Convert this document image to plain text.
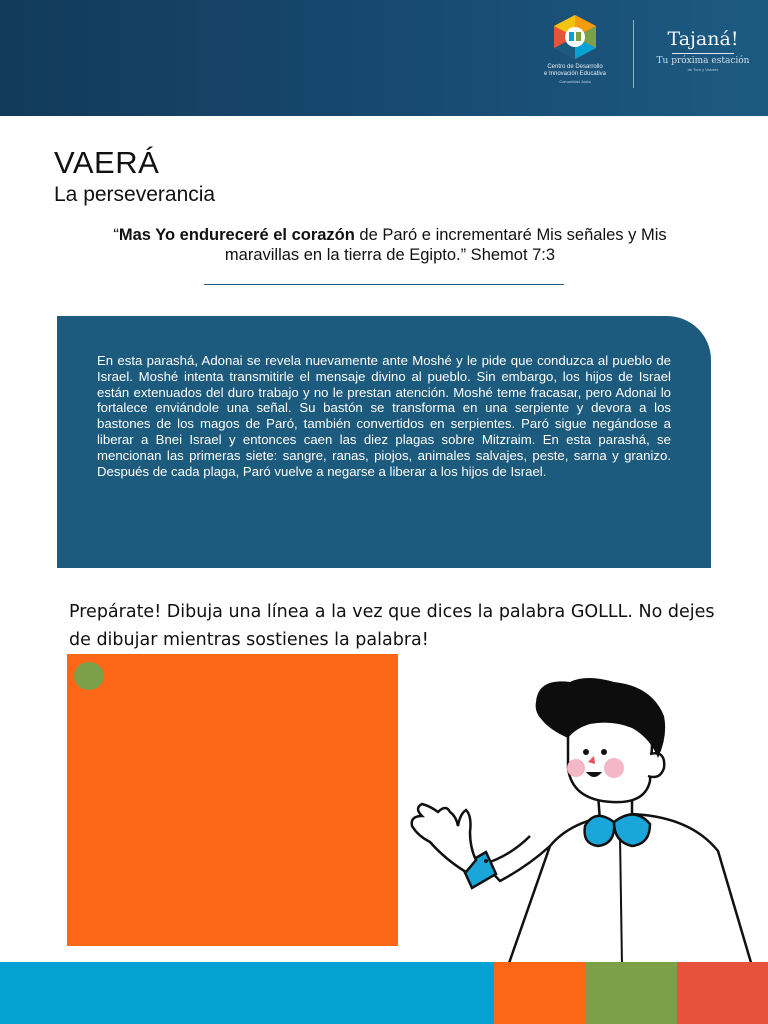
Centro de Desarrollo
e Innovación Educativa
Comunidad Judía
Tajaná!
Tu próxima estación
de Torá y Valores
VAERÁ
La perseverancia
“Mas Yo endureceré el corazón de Paró e incrementaré Mis señales y Mis maravillas en la tierra de Egipto.” Shemot 7:3
En esta parashá, Adonai se revela nuevamente ante Moshé y le pide que conduzca al pueblo de Israel. Moshé intenta transmitirle el mensaje divino al pueblo. Sin embargo, los hijos de Israel están extenuados del duro trabajo y no le prestan atención. Moshé teme fracasar, pero Adonai lo fortalece enviándole una señal. Su bastón se transforma en una serpiente y devora a los bastones de los magos de Paró, también convertidos en serpientes. Paró sigue negándose a liberar a Bnei Israel y entonces caen las diez plagas sobre Mitzraim. En esta parashá, se mencionan las primeras siete: sangre, ranas, piojos, animales salvajes, peste, sarna y granizo. Después de cada plaga, Paró vuelve a negarse a liberar a los hijos de Israel.
Prepárate! Dibuja una línea a la vez que dices la palabra GOLLL. No dejes de dibujar mientras sostienes la palabra!
